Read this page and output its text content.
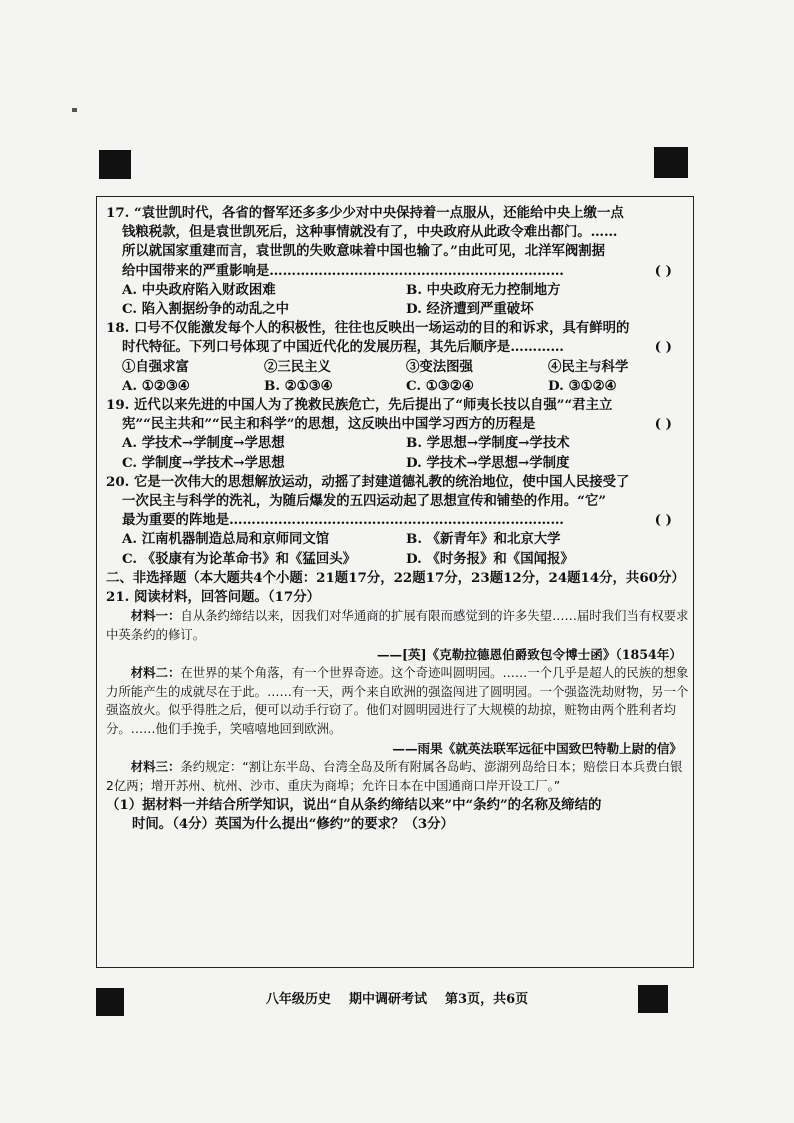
17. “袁世凯时代，各省的督军还多多少少对中央保持着一点服从，还能给中央上缴一点
钱粮税款，但是袁世凯死后，这种事情就没有了，中央政府从此政令难出都门。……
所以就国家重建而言，袁世凯的失败意味着中国也输了。”由此可见，北洋军阀割据
给中国带来的严重影响是…………………………………………………………	( )
A. 中央政府陷入财政困难	B. 中央政府无力控制地方
C. 陷入割据纷争的动乱之中	D. 经济遭到严重破坏
18. 口号不仅能激发每个人的积极性，往往也反映出一场运动的目的和诉求，具有鲜明的
时代特征。下列口号体现了中国近代化的发展历程，其先后顺序是…………	( )
①自强求富	②三民主义	③变法图强	④民主与科学
A. ①②③④	B. ②①③④	C. ①③②④	D. ③①②④
19. 近代以来先进的中国人为了挽救民族危亡，先后提出了“师夷长技以自强”“君主立
宪”“民主共和”“民主和科学”的思想，这反映出中国学习西方的历程是	( )
A. 学技术→学制度→学思想	B. 学思想→学制度→学技术
C. 学制度→学技术→学思想	D. 学技术→学思想→学制度
20. 它是一次伟大的思想解放运动，动摇了封建道德礼教的统治地位，使中国人民接受了
一次民主与科学的洗礼，为随后爆发的五四运动起了思想宣传和铺垫的作用。“它”
最为重要的阵地是…………………………………………………………………	( )
A. 江南机器制造总局和京师同文馆	B. 《新青年》和北京大学
C. 《驳康有为论革命书》和《猛回头》	D. 《时务报》和《国闻报》
二、非选择题（本大题共4个小题：21题17分，22题17分，23题12分，24题14分，共60分）
21. 阅读材料，回答问题。（17分）

材料一：自从条约缔结以来，因我们对华通商的扩展有限而感觉到的许多失望……届时我们当有权要求中英条约的修订。

——[英]《克勒拉德恩伯爵致包令博士函》（1854年）

材料二：在世界的某个角落，有一个世界奇迹。这个奇迹叫圆明园。……一个几乎是超人的民族的想象力所能产生的成就尽在于此。……有一天，两个来自欧洲的强盗闯进了圆明园。一个强盗洗劫财物，另一个强盗放火。似乎得胜之后，便可以动手行窃了。他们对圆明园进行了大规模的劫掠，赃物由两个胜利者均分。……他们手挽手，笑嘻嘻地回到欧洲。

——雨果《就英法联军远征中国致巴特勒上尉的信》

材料三：条约规定：“割让东半岛、台湾全岛及所有附属各岛屿、澎湖列岛给日本；赔偿日本兵费白银2亿两；增开苏州、杭州、沙市、重庆为商埠；允许日本在中国通商口岸开设工厂。”

（1）据材料一并结合所学知识，说出“自从条约缔结以来”中“条约”的名称及缔结的
时间。（4分）英国为什么提出“修约”的要求？（3分）
八年级历史    期中调研考试    第3页，共6页
